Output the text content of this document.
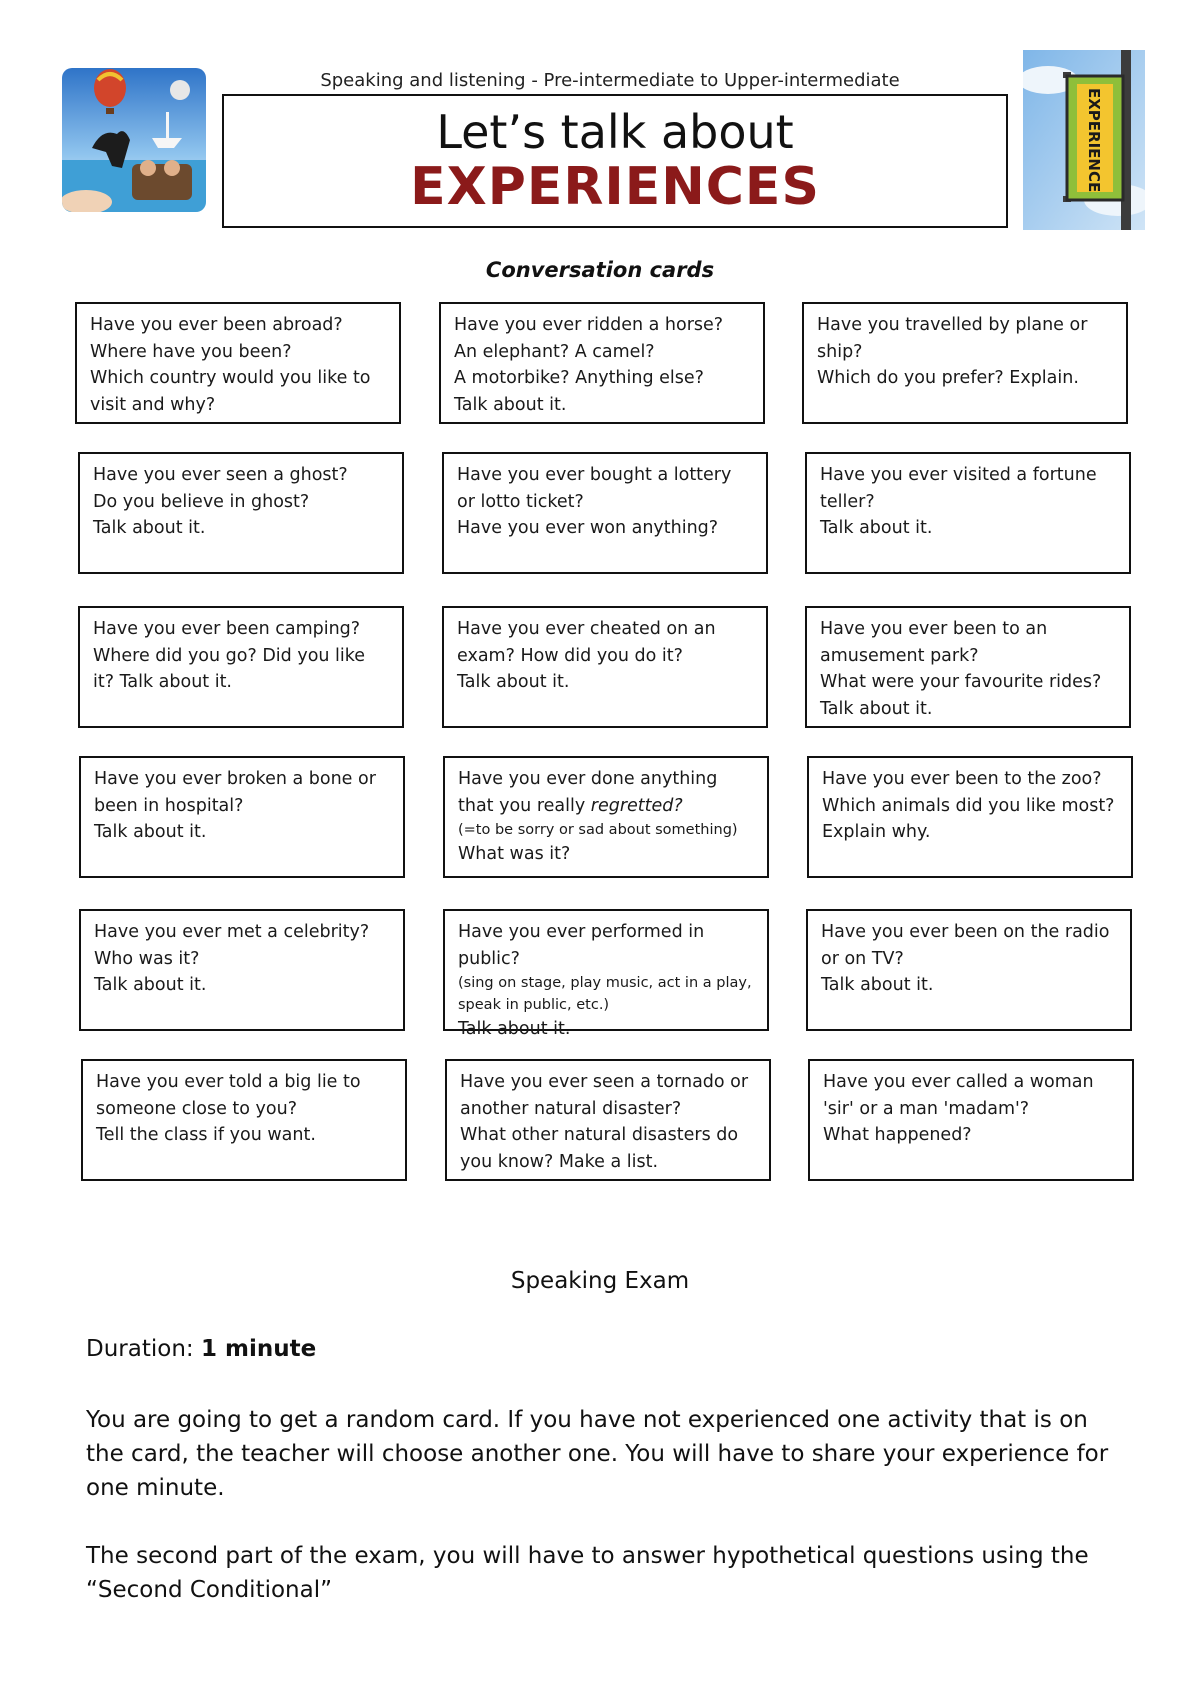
EXPERIENCE
Speaking and listening - Pre-intermediate to Upper-intermediate
Let’s talk about
EXPERIENCES
Conversation cards
Have you ever been abroad?
Where have you been?
Which country would you like to visit and why?
Have you ever ridden a horse?
An elephant? A camel?
A motorbike? Anything else?
Talk about it.
Have you travelled by plane or ship?
Which do you prefer? Explain.
Have you ever seen a ghost?
Do you believe in ghost?
Talk about it.
Have you ever bought a lottery or lotto ticket?
Have you ever won anything?
Have you ever visited a fortune teller?
Talk about it.
Have you ever been camping?
Where did you go? Did you like it? Talk about it.
Have you ever cheated on an exam? How did you do it?
Talk about it.
Have you ever been to an amusement park?
What were your favourite rides?
Talk about it.
Have you ever broken a bone or been in hospital?
Talk about it.
Have you ever done anything that you really regretted?
(=to be sorry or sad about something)
What was it?
Have you ever been to the zoo?
Which animals did you like most?
Explain why.
Have you ever met a celebrity?
Who was it?
Talk about it.
Have you ever performed in public?
(sing on stage, play music, act in a play, speak in public, etc.)
Talk about it.
Have you ever been on the radio or on TV?
Talk about it.
Have you ever told a big lie to someone close to you?
Tell the class if you want.
Have you ever seen a tornado or another natural disaster?
What other natural disasters do you know? Make a list.
Have you ever called a woman 'sir' or a man 'madam'?
What happened?
Speaking Exam
Duration: 1 minute
You are going to get a random card. If you have not experienced one activity that is on the card, the teacher will choose another one. You will have to share your experience for one minute.
The second part of the exam, you will have to answer hypothetical questions using the “Second Conditional”
